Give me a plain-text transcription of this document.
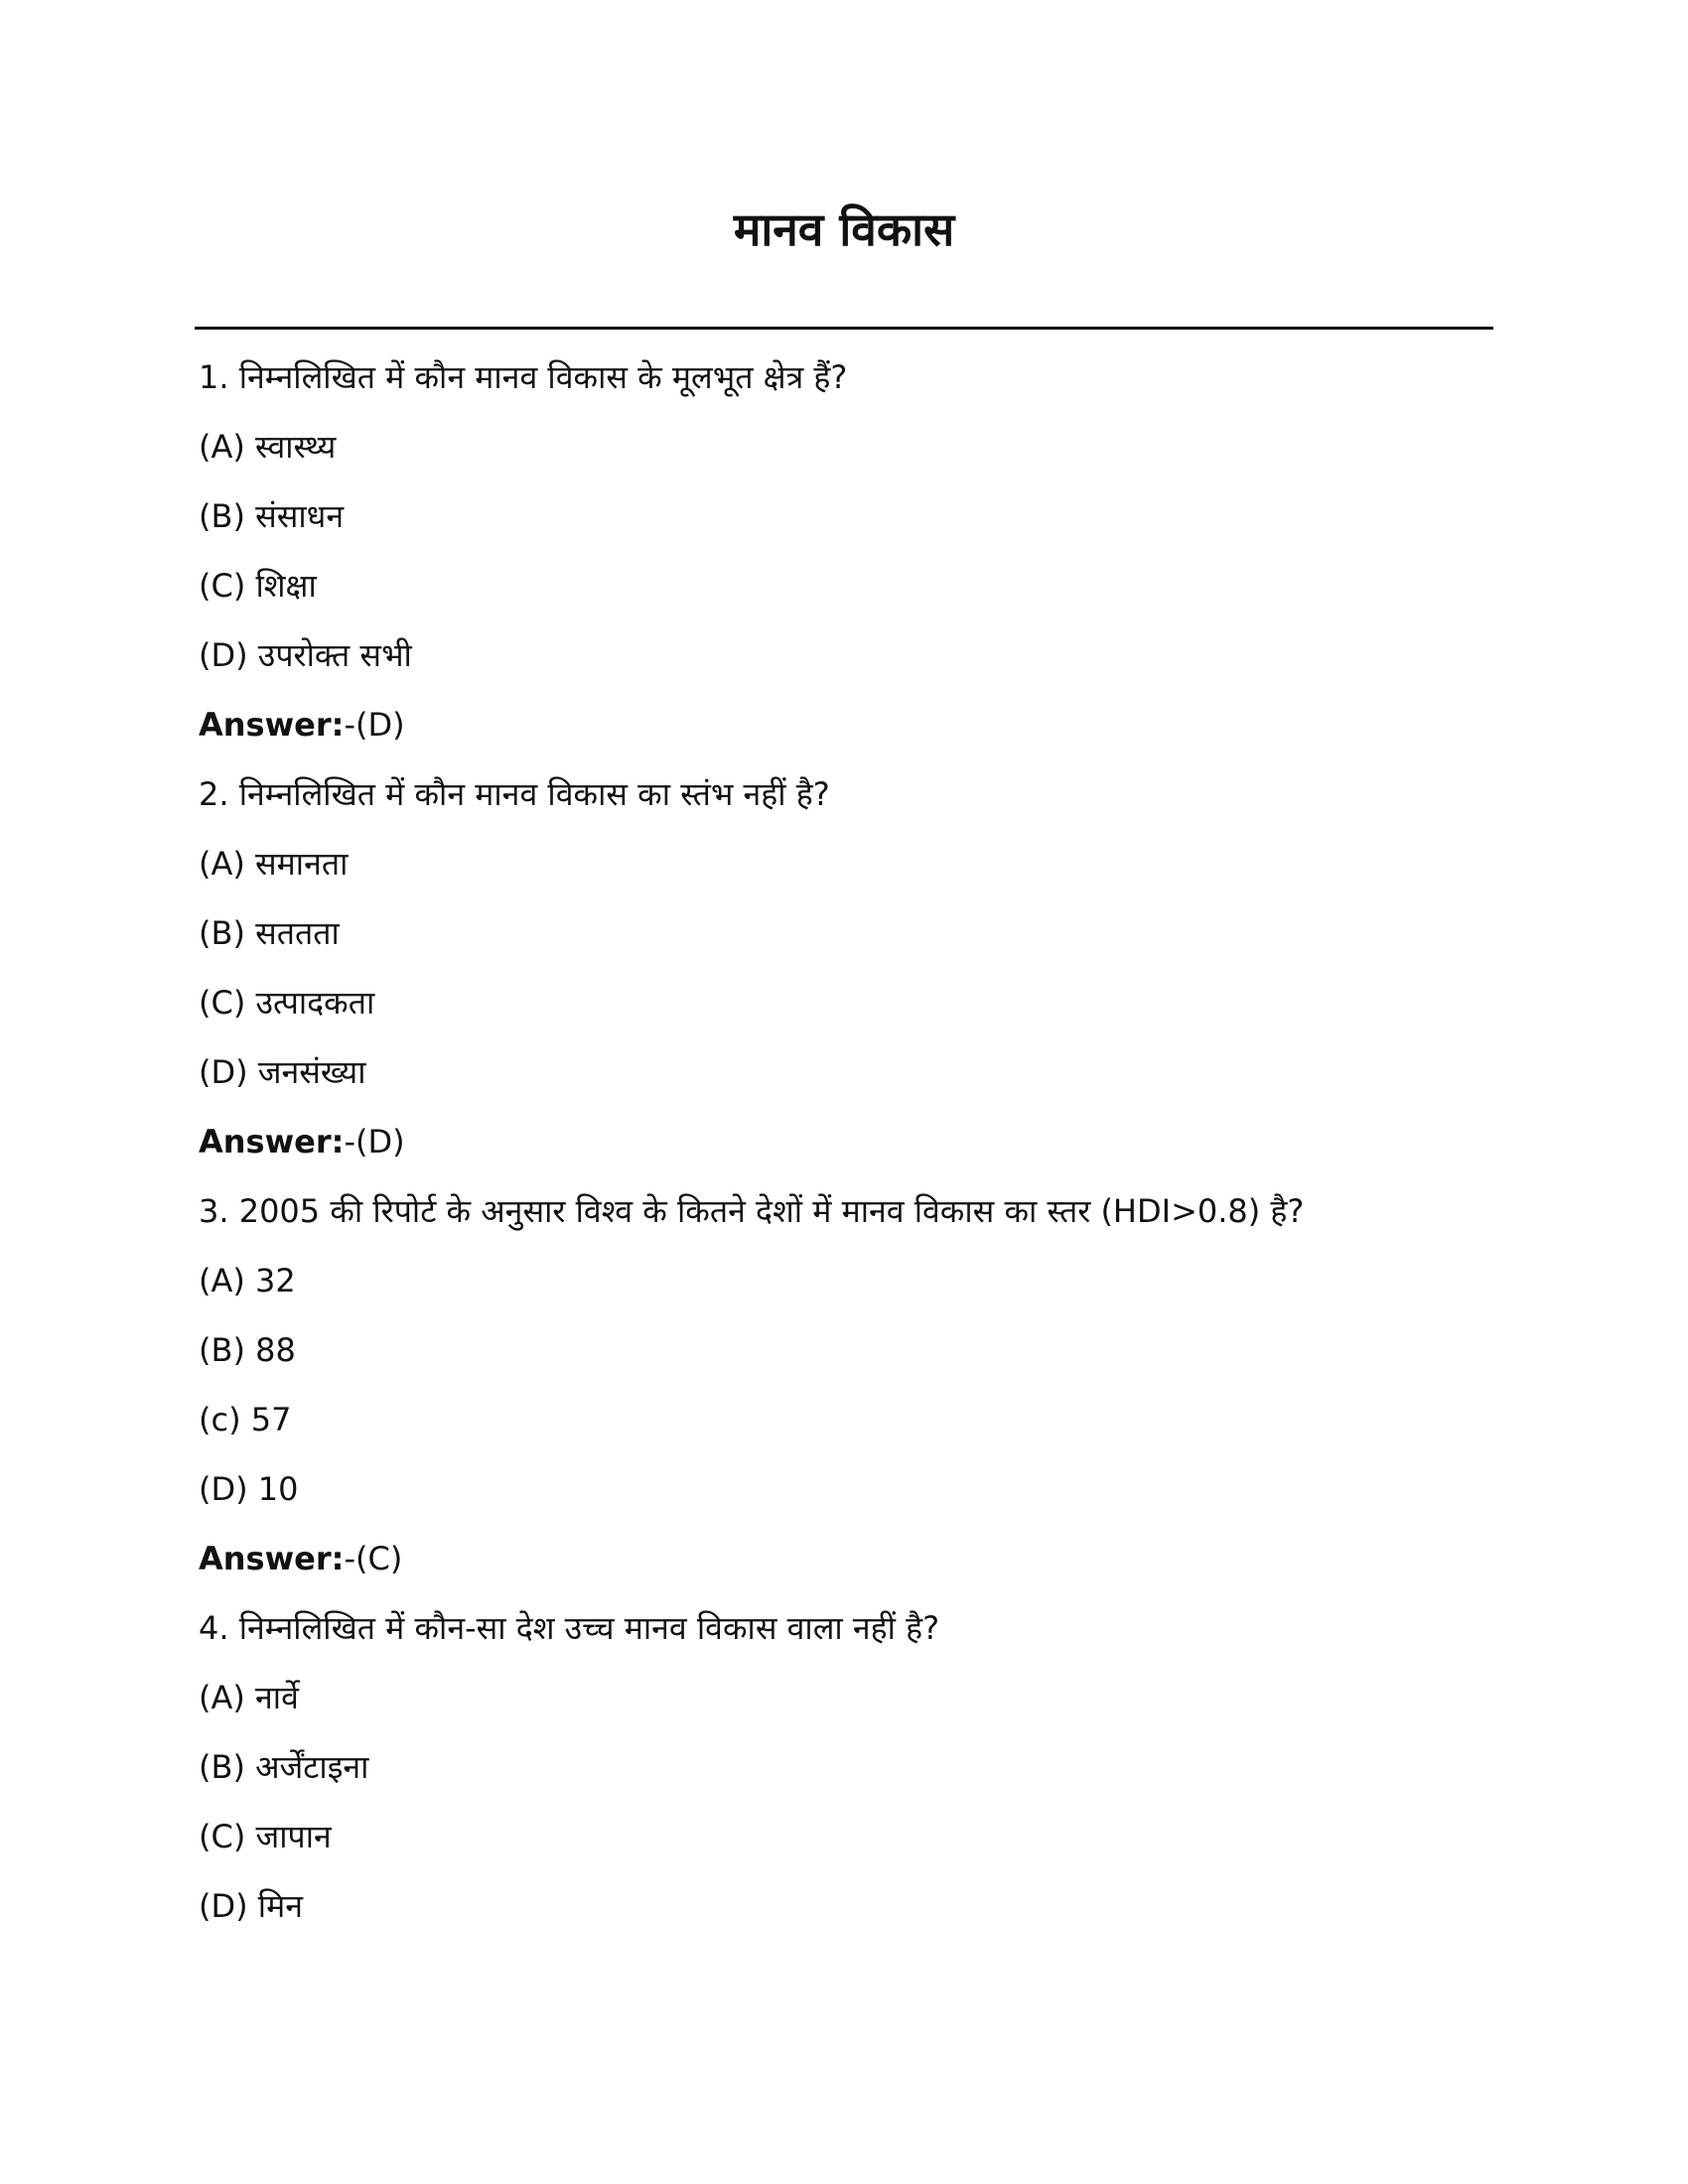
मानव विकास
1. निम्नलिखित में कौन मानव विकास के मूलभूत क्षेत्र हैं?
(A) स्वास्थ्य
(B) संसाधन
(C) शिक्षा
(D) उपरोक्त सभी
Answer:-(D)
2. निम्नलिखित में कौन मानव विकास का स्तंभ नहीं है?
(A) समानता
(B) सततता
(C) उत्पादकता
(D) जनसंख्या
Answer:-(D)
3. 2005 की रिपोर्ट के अनुसार विश्व के कितने देशों में मानव विकास का स्तर (HDI>0.8) है?
(A) 32
(B) 88
(c) 57
(D) 10
Answer:-(C)
4. निम्नलिखित में कौन-सा देश उच्च मानव विकास वाला नहीं है?
(A) नार्वे
(B) अर्जेंटाइना
(C) जापान
(D) मिन
